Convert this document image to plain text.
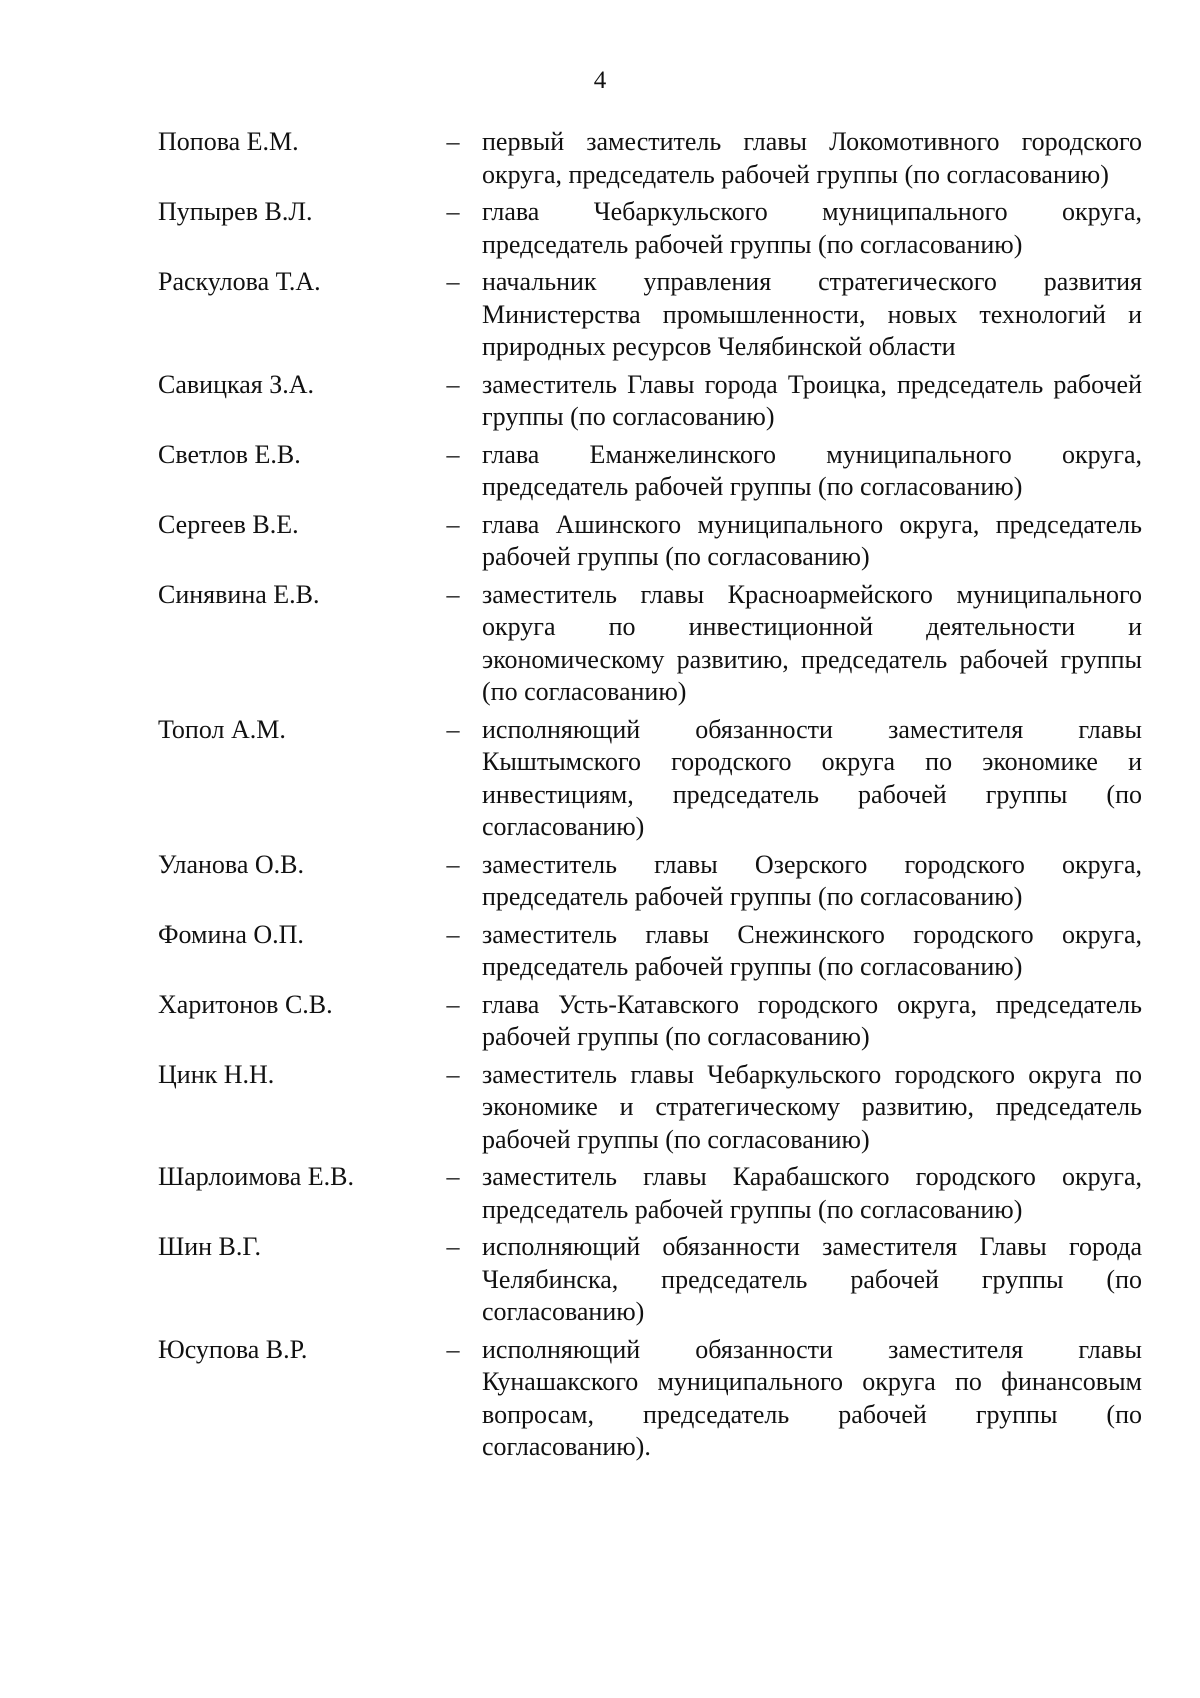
4
Попова Е.М.	– первый заместитель главы Локомотивного городского округа, председатель рабочей группы (по согласованию)
Пупырев В.Л.	– глава Чебаркульского муниципального округа, председатель рабочей группы (по согласованию)
Раскулова Т.А.	– начальник управления стратегического развития Министерства промышленности, новых технологий и природных ресурсов Челябинской области
Савицкая З.А.	– заместитель Главы города Троицка, председатель рабочей группы (по согласованию)
Светлов Е.В.	– глава Еманжелинского муниципального округа, председатель рабочей группы (по согласованию)
Сергеев В.Е.	– глава Ашинского муниципального округа, председатель рабочей группы (по согласованию)
Синявина Е.В.	– заместитель главы Красноармейского муниципального округа по инвестиционной деятельности и экономическому развитию, председатель рабочей группы (по согласованию)
Топол А.М.	– исполняющий обязанности заместителя главы Кыштымского городского округа по экономике и инвестициям, председатель рабочей группы (по согласованию)
Уланова О.В.	– заместитель главы Озерского городского округа, председатель рабочей группы (по согласованию)
Фомина О.П.	– заместитель главы Снежинского городского округа, председатель рабочей группы (по согласованию)
Харитонов С.В.	– глава Усть-Катавского городского округа, председатель рабочей группы (по согласованию)
Цинк Н.Н.	– заместитель главы Чебаркульского городского округа по экономике и стратегическому развитию, председатель рабочей группы (по согласованию)
Шарлоимова Е.В.	– заместитель главы Карабашского городского округа, председатель рабочей группы (по согласованию)
Шин В.Г.	– исполняющий обязанности заместителя Главы города Челябинска, председатель рабочей группы (по согласованию)
Юсупова В.Р.	– исполняющий обязанности заместителя главы Кунашакского муниципального округа по финансовым вопросам, председатель рабочей группы (по согласованию).
